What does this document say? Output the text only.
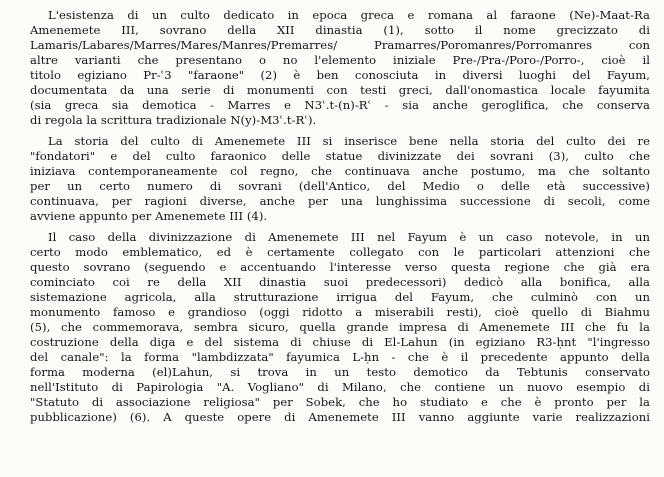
L'esistenza di un culto dedicato in epoca greca e romana al faraone (Ne)-Maat-Ra
Amenemete III, sovrano della XII dinastia (1), sotto il nome grecizzato di
Lamaris/Labares/Marres/Mares/Manres/Premarres/ Pramarres/Poromanres/Porromanres con
altre varianti che presentano o no l'elemento iniziale Pre-/Pra-/Poro-/Porro-, cioè il
titolo egiziano Pr-ʿ3 "faraone" (2) è ben conosciuta in diversi luoghi del Fayum,
documentata da una serie di monumenti con testi greci, dall'onomastica locale fayumita
(sia greca sia demotica - Marres e N3ʿ.t-(n)-Rʿ - sia anche geroglifica, che conserva
di regola la scrittura tradizionale N(y)-M3ʿ.t-Rʿ).
La storia del culto di Amenemete III si inserisce bene nella storia del culto dei re
"fondatori" e del culto faraonico delle statue divinizzate dei sovrani (3), culto che
iniziava contemporaneamente col regno, che continuava anche postumo, ma che soltanto
per un certo numero di sovrani (dell'Antico, del Medio o delle età successive)
continuava, per ragioni diverse, anche per una lunghissima successione di secoli, come
avviene appunto per Amenemete III (4).
Il caso della divinizzazione di Amenemete III nel Fayum è un caso notevole, in un
certo modo emblematico, ed è certamente collegato con le particolari attenzioni che
questo sovrano (seguendo e accentuando l'interesse verso questa regione che già era
cominciato coi re della XII dinastia suoi predecessori) dedicò alla bonifica, alla
sistemazione agricola, alla strutturazione irrigua del Fayum, che culminò con un
monumento famoso e grandioso (oggi ridotto a miserabili resti), cioè quello di Biahmu
(5), che commemorava, sembra sicuro, quella grande impresa di Amenemete III che fu la
costruzione della diga e del sistema di chiuse di El-Lahun (in egiziano R3-ḥnt "l'ingresso
del canale": la forma "lambdizzata" fayumica L-ḥn - che è il precedente appunto della
forma moderna (el)Lahun, si trova in un testo demotico da Tebtunis conservato
nell'Istituto di Papirologia "A. Vogliano" di Milano, che contiene un nuovo esempio di
"Statuto di associazione religiosa" per Sobek, che ho studiato e che è pronto per la
pubblicazione) (6). A queste opere di Amenemete III vanno aggiunte varie realizzazioni
